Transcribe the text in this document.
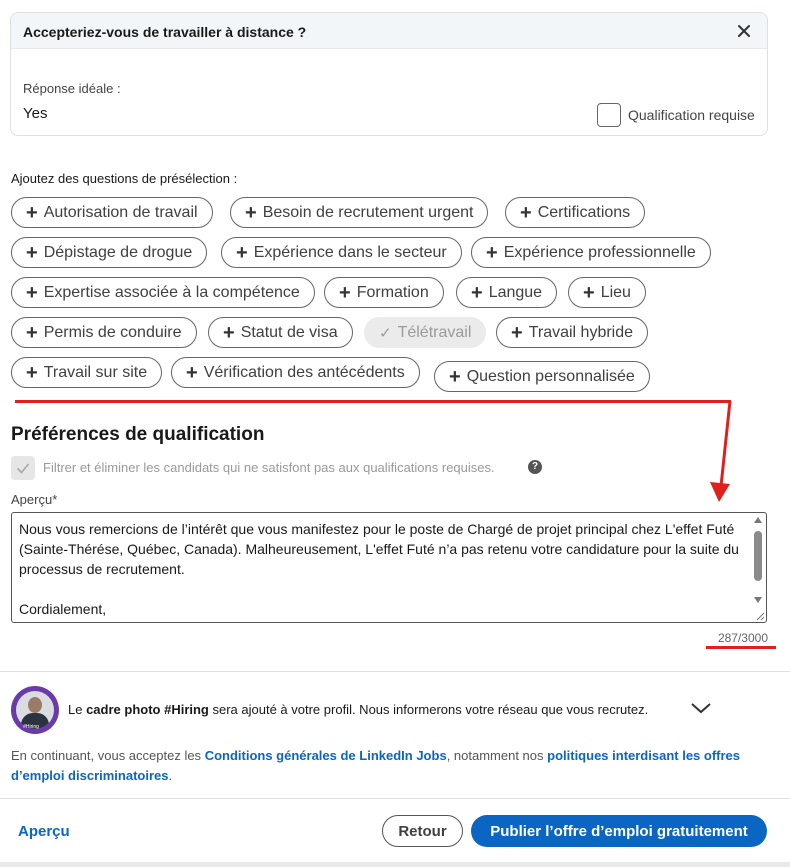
Accepteriez-vous de travailler à distance ?
Réponse idéale :
Yes	Qualification requise
Ajoutez des questions de présélection :
+ Autorisation de travail + Besoin de recrutement urgent + Certifications
+ Dépistage de drogue + Expérience dans le secteur + Expérience professionnelle
+ Expertise associée à la compétence + Formation + Langue + Lieu
+ Permis de conduire + Statut de visa	✓ Télétravail + Travail hybride
+ Travail sur site + Vérification des antécédents + Question personnalisée
Préférences de qualification
Filtrer et éliminer les candidats qui ne satisfont pas aux qualifications requises.	?
Aperçu*

Nous vous remercions de l’intérêt que vous manifestez pour le poste de Chargé de projet principal chez L'effet Futé (Sainte-Thérése, Québec, Canada). Malheureusement, L'effet Futé n’a pas retenu votre candidature pour la suite du processus de recrutement.

Cordialement,

287/3000
#Hiring
Le cadre photo #Hiring sera ajouté à votre profil. Nous informerons votre réseau que vous recrutez.
En continuant, vous acceptez les Conditions générales de LinkedIn Jobs, notamment nos politiques interdisant les offres d’emploi discriminatoires.
Aperçu	Retour	Publier l’offre d’emploi gratuitement
